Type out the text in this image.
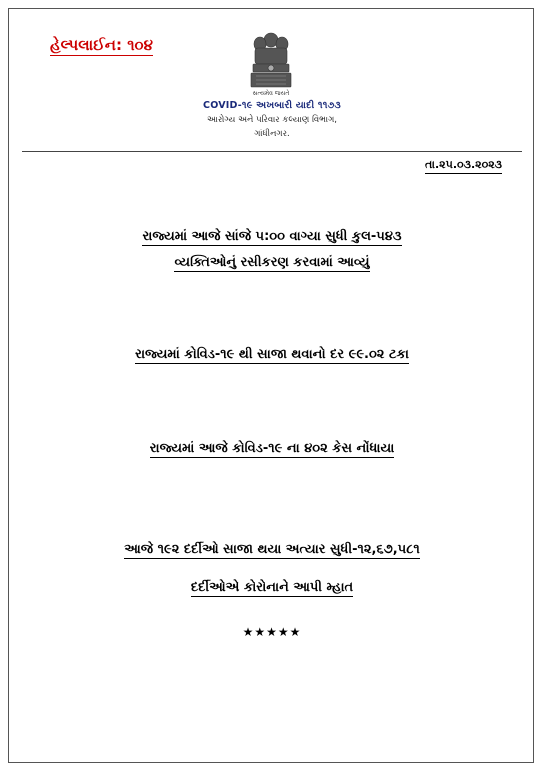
હેલ્પલાઈન: ૧૦૪
સત્યમેવ જયતે
COVID-૧૯ અખબારી યાદી ૧૧૭૩
આરોગ્ય અને પરિવાર કલ્યાણ વિભાગ,
ગાંધીનગર.
તા.૨૫.૦૩.૨૦૨૩
રાજ્યમાં આજે સાંજે ૫:૦૦ વાગ્યા સુધી કુલ-૫૪૩
વ્યક્તિઓનું રસીકરણ કરવામાં આવ્યું
રાજ્યમાં કોવિડ-૧૯ થી સાજા થવાનો દર ૯૯.૦૨ ટકા
રાજ્યમાં આજે કોવિડ-૧૯ ના ૪૦૨ કેસ નોંધાયા
આજે ૧૯૨ દર્દીઓ સાજા થયા અત્યાર સુધી-૧૨,૬૭,૫૮૧
દર્દીઓએ કોરોનાને આપી મ્હાત
★★★★★
